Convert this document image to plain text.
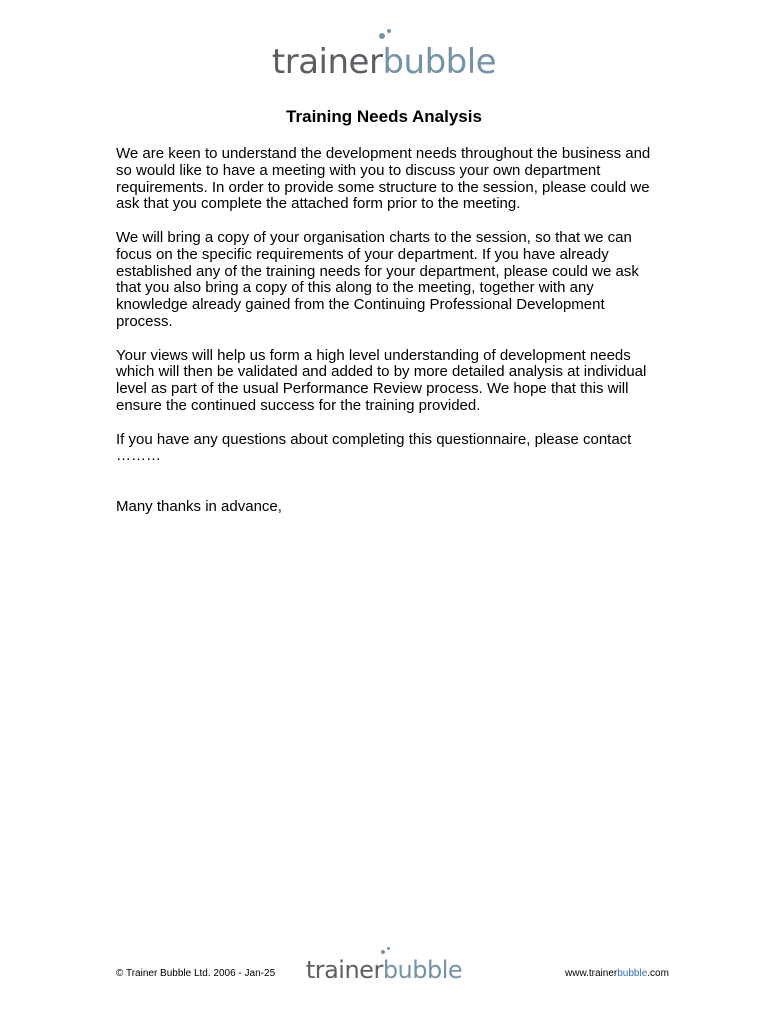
trainer
bubble
Training Needs Analysis

We are keen to understand the development needs throughout the business and so would like to have a meeting with you to discuss your own department requirements. In order to provide some structure to the session, please could we ask that you complete the attached form prior to the meeting.

We will bring a copy of your organisation charts to the session, so that we can focus on the specific requirements of your department. If you have already established any of the training needs for your department, please could we ask that you also bring a copy of this along to the meeting, together with any knowledge already gained from the Continuing Professional Development process.

Your views will help us form a high level understanding of development needs which will then be validated and added to by more detailed analysis at individual level as part of the usual Performance Review process. We hope that this will ensure the continued success for the training provided.

If you have any questions about completing this questionnaire, please contact

………

Many thanks in advance,

© Trainer Bubble Ltd. 2006 - Jan-25	trainer
bubble	www.trainerbubble.com
